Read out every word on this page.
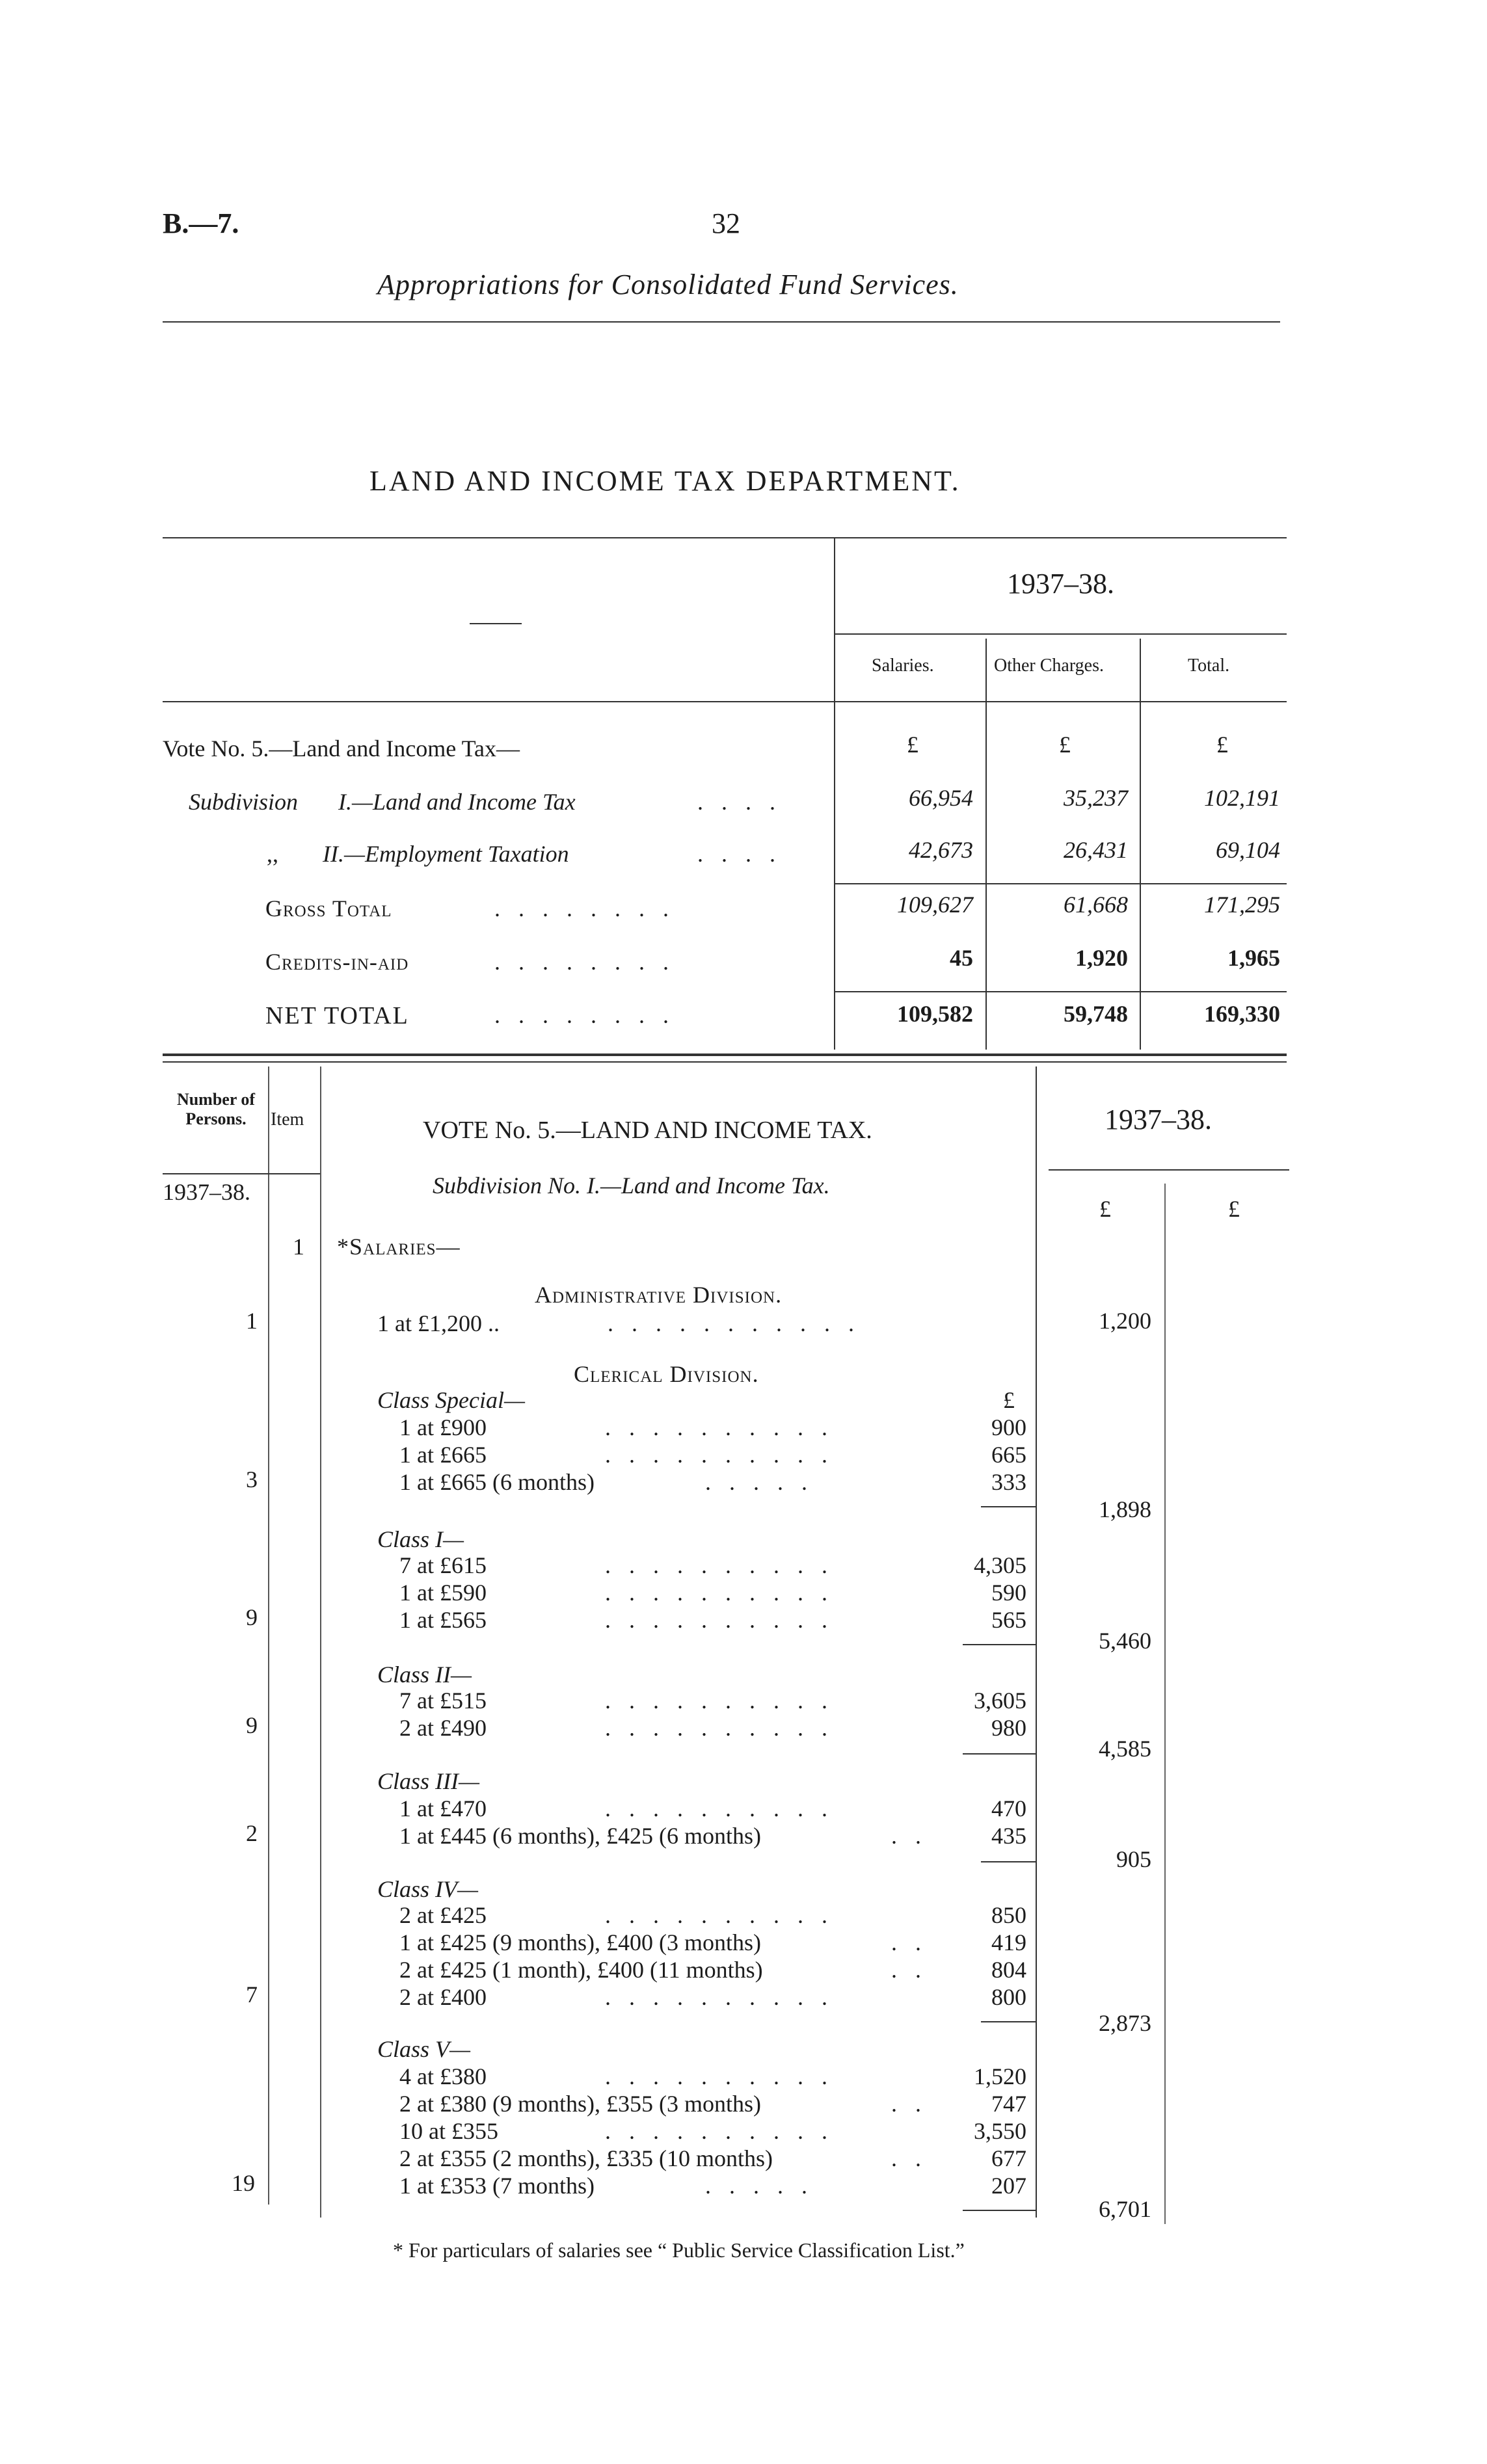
B.—7.	32
Appropriations for Consolidated Fund Services.
LAND AND INCOME TAX DEPARTMENT.
1937–38.
Salaries.	Other Charges.	Total.
Vote No. 5.—Land and Income Tax—	£	£	£
Subdivision I.—Land and Income Tax	....	66,954	35,237	102,191
,, II.—Employment Taxation	....	42,673	26,431	69,104
Gross Total	........	109,627	61,668	171,295
Credits-in-aid	........	45	1,920	1,965
NET TOTAL	........	109,582	59,748	169,330
Number of Persons.	Item
1937–38.
VOTE No. 5.—LAND AND INCOME TAX.
Subdivision No. I.—Land and Income Tax.
1937–38.
£	£
1 *Salaries—
Administrative Division.
1	1 at £1,200 ..	...........	1,200
Clerical Division.
£
Class Special—
1 at £900	..........	900
1 at £665	..........	665
3	1 at £665 (6 months)	.....	333
1,898
Class I—
7 at £615	..........	4,305
1 at £590	..........	590
9	1 at £565	..........	565
5,460
Class II—
7 at £515	..........	3,605
9	2 at £490	..........	980
4,585
Class III—
1 at £470	..........	470
2	1 at £445 (6 months), £425 (6 months)	..	435
905
Class IV—
2 at £425	..........	850
1 at £425 (9 months), £400 (3 months)	..	419
2 at £425 (1 month), £400 (11 months)	..	804
7	2 at £400	..........	800
2,873
Class V—
4 at £380	..........	1,520
2 at £380 (9 months), £355 (3 months)	..	747
10 at £355	..........	3,550
2 at £355 (2 months), £335 (10 months)	..	677
19	1 at £353 (7 months)	.....	207
6,701
* For particulars of salaries see “ Public Service Classification List.”
